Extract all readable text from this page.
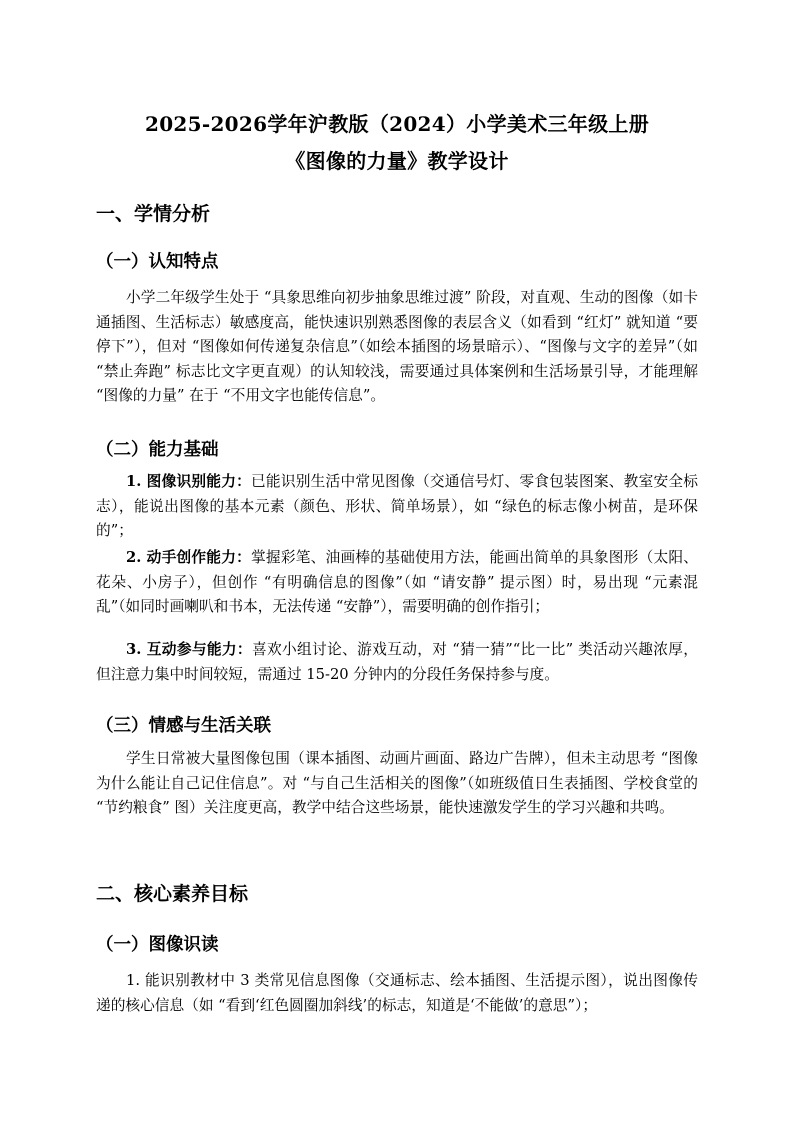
2025-2026学年沪教版（2024）小学美术三年级上册
《图像的力量》教学设计
一、学情分析
（一）认知特点

小学二年级学生处于 “具象思维向初步抽象思维过渡” 阶段，对直观、生动的图像（如卡通插图、生活标志）敏感度高，能快速识别熟悉图像的表层含义（如看到 “红灯” 就知道 “要停下”），但对 “图像如何传递复杂信息”（如绘本插图的场景暗示）、“图像与文字的差异”（如 “禁止奔跑” 标志比文字更直观）的认知较浅，需要通过具体案例和生活场景引导，才能理解 “图像的力量” 在于 “不用文字也能传信息”。

（二）能力基础

1. 图像识别能力：已能识别生活中常见图像（交通信号灯、零食包装图案、教室安全标志），能说出图像的基本元素（颜色、形状、简单场景），如 “绿色的标志像小树苗，是环保的”；

2. 动手创作能力：掌握彩笔、油画棒的基础使用方法，能画出简单的具象图形（太阳、花朵、小房子），但创作 “有明确信息的图像”（如 “请安静” 提示图）时，易出现 “元素混乱”（如同时画喇叭和书本，无法传递 “安静”），需要明确的创作指引；

3. 互动参与能力：喜欢小组讨论、游戏互动，对 “猜一猜”“比一比” 类活动兴趣浓厚，但注意力集中时间较短，需通过 15-20 分钟内的分段任务保持参与度。

（三）情感与生活关联

学生日常被大量图像包围（课本插图、动画片画面、路边广告牌），但未主动思考 “图像为什么能让自己记住信息”。对 “与自己生活相关的图像”（如班级值日生表插图、学校食堂的 “节约粮食” 图）关注度更高，教学中结合这些场景，能快速激发学生的学习兴趣和共鸣。

二、核心素养目标
（一）图像识读

1. 能识别教材中 3 类常见信息图像（交通标志、绘本插图、生活提示图），说出图像传递的核心信息（如 “看到‘红色圆圈加斜线’的标志，知道是‘不能做’的意思”）；
